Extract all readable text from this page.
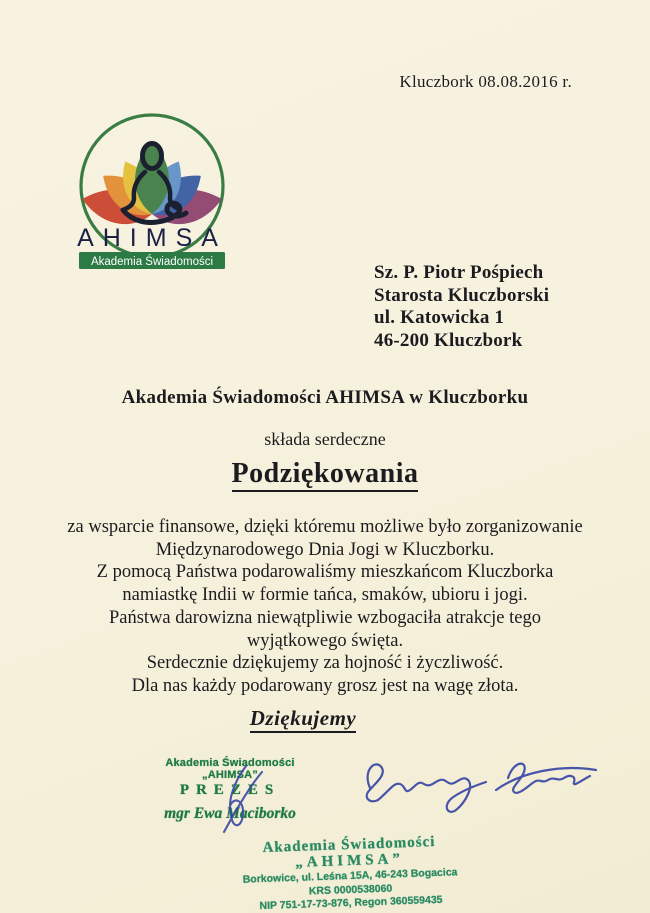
Kluczbork 08.08.2016 r.
AHIMSA
Akademia Świadomości	Sz. P. Piotr Pośpiech
Starosta Kluczborski
ul. Katowicka 1
46-200 Kluczbork
Akademia Świadomości AHIMSA w Kluczborku
składa serdeczne
Podziękowania
za wsparcie finansowe, dzięki któremu możliwe było zorganizowanie
Międzynarodowego Dnia Jogi w Kluczborku.
Z pomocą Państwa podarowaliśmy mieszkańcom Kluczborka
namiastkę Indii w formie tańca, smaków, ubioru i jogi.
Państwa darowizna niewątpliwie wzbogaciła atrakcje tego
wyjątkowego święta.
Serdecznie dziękujemy za hojność i życzliwość.
Dla nas każdy podarowany grosz jest na wagę złota.
Dziękujemy
Akademia Świadomości „AHIMSA”
PREZES
mgr Ewa Maciborko
Akademia Świadomości
„AHIMSA”
Borkowice, ul. Leśna 15A, 46-243 Bogacica
KRS 0000538060
NIP 751-17-73-876, Regon 360559435
